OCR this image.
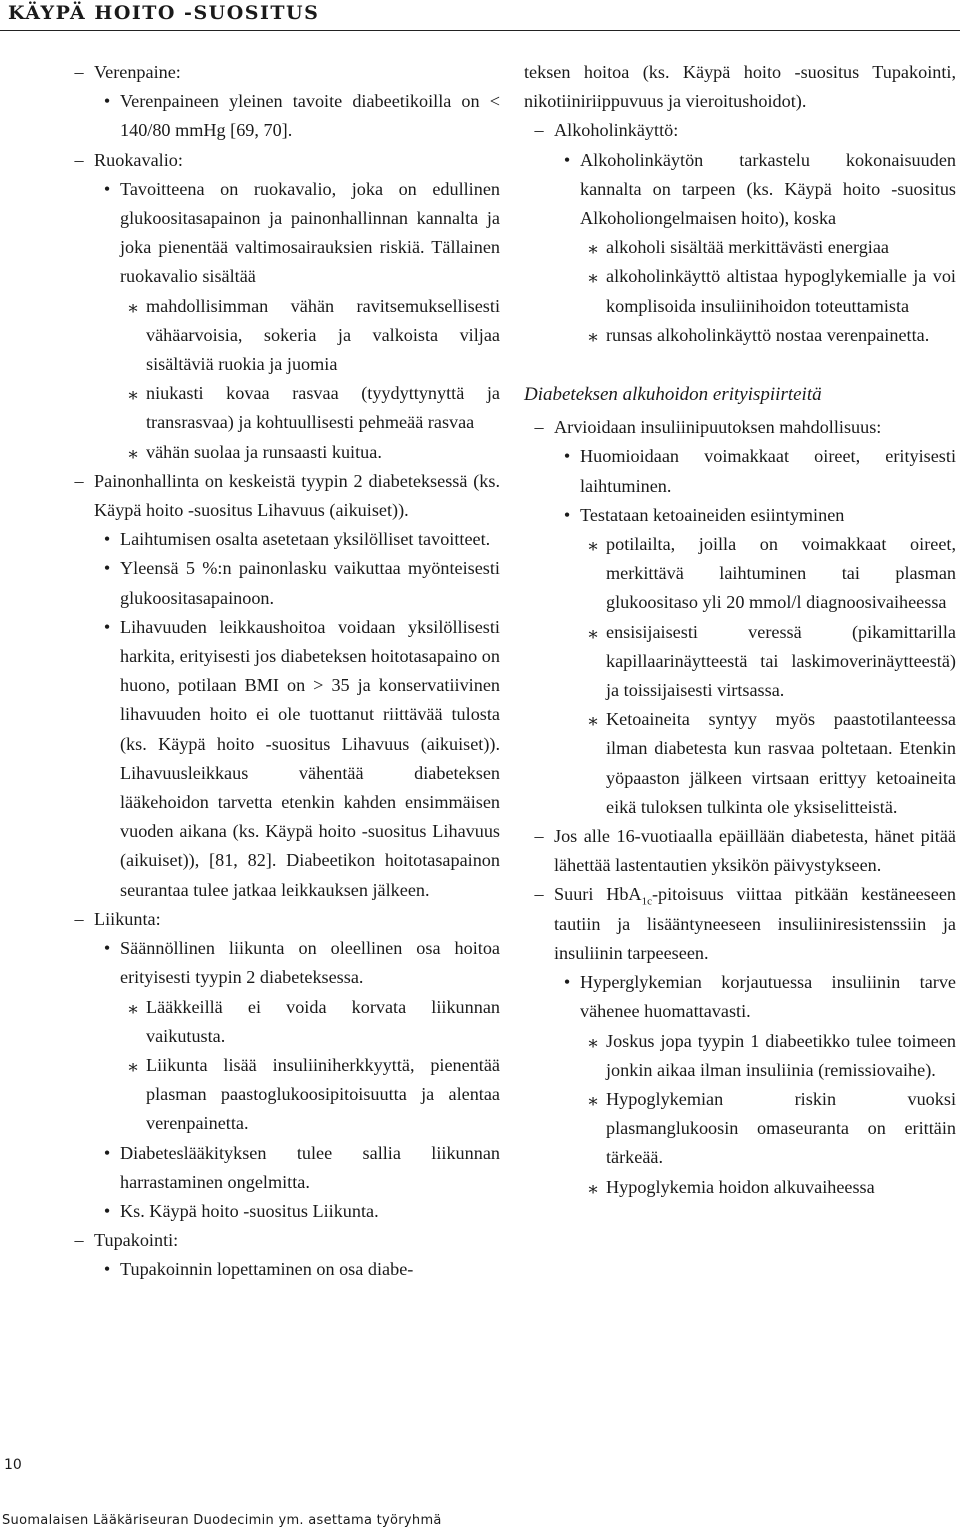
KÄYPÄ HOITO -SUOSITUS
– Verenpaine:
• Verenpaineen yleinen tavoite diabeetikoilla on < 140/80 mmHg [69, 70].
– Ruokavalio:
• Tavoitteena on ruokavalio, joka on edullinen glukoositasapainon ja painonhallinnan kannalta ja joka pienentää valtimosairauksien riskiä. Tällainen ruokavalio sisältää
⁎ mahdollisimman vähän ravitsemuksellisesti vähäarvoisia, sokeria ja valkoista viljaa sisältäviä ruokia ja juomia
⁎ niukasti kovaa rasvaa (tyydyttynyttä ja transrasvaa) ja kohtuullisesti pehmeää rasvaa
⁎ vähän suolaa ja runsaasti kuitua.
– Painonhallinta on keskeistä tyypin 2 diabeteksessä (ks. Käypä hoito -suositus Lihavuus (aikuiset)).
• Laihtumisen osalta asetetaan yksilölliset tavoitteet.
• Yleensä 5 %:n painonlasku vaikuttaa myönteisesti glukoositasapainoon.
• Lihavuuden leikkaushoitoa voidaan yksilöllisesti harkita, erityisesti jos diabeteksen hoitotasapaino on huono, potilaan BMI on > 35 ja konservatiivinen lihavuuden hoito ei ole tuottanut riittävää tulosta (ks. Käypä hoito -suositus Lihavuus (aikuiset)). Lihavuusleikkaus vähentää diabeteksen lääkehoidon tarvetta etenkin kahden ensimmäisen vuoden aikana (ks. Käypä hoito -suositus Lihavuus (aikuiset)), [81, 82]. Diabeetikon hoitotasapainon seurantaa tulee jatkaa leikkauksen jälkeen.
– Liikunta:
• Säännöllinen liikunta on oleellinen osa hoitoa erityisesti tyypin 2 diabeteksessa.
⁎ Lääkkeillä ei voida korvata liikunnan vaikutusta.
⁎ Liikunta lisää insuliiniherkkyyttä, pienentää plasman paastoglukoosipitoisuutta ja alentaa verenpainetta.
• Diabeteslääkityksen tulee sallia liikunnan harrastaminen ongelmitta.
• Ks. Käypä hoito -suositus Liikunta.
– Tupakointi:
• Tupakoinnin lopettaminen on osa diabe-
teksen hoitoa (ks. Käypä hoito -suositus Tupakointi, nikotiiniriippuvuus ja vieroitushoidot).
– Alkoholinkäyttö:
• Alkoholinkäytön tarkastelu kokonaisuuden kannalta on tarpeen (ks. Käypä hoito -suositus Alkoholiongelmaisen hoito), koska
⁎ alkoholi sisältää merkittävästi energiaa
⁎ alkoholinkäyttö altistaa hypoglykemialle ja voi komplisoida insuliinihoidon toteuttamista
⁎ runsas alkoholinkäyttö nostaa verenpainetta.
Diabeteksen alkuhoidon erityispiirteitä
– Arvioidaan insuliinipuutoksen mahdollisuus:
• Huomioidaan voimakkaat oireet, erityisesti laihtuminen.
• Testataan ketoaineiden esiintyminen
⁎ potilailta, joilla on voimakkaat oireet, merkittävä laihtuminen tai plasman glukoositaso yli 20 mmol/l diagnoosivaiheessa
⁎ ensisijaisesti veressä (pikamittarilla kapillaarinäytteestä tai laskimoverinäytteestä) ja toissijaisesti virtsassa.
⁎ Ketoaineita syntyy myös paastotilanteessa ilman diabetesta kun rasvaa poltetaan. Etenkin yöpaaston jälkeen virtsaan erittyy ketoaineita eikä tuloksen tulkinta ole yksiselitteistä.
– Jos alle 16-vuotiaalla epäillään diabetesta, hänet pitää lähettää lastentautien yksikön päivystykseen.
– Suuri HbA$_{1c}$-pitoisuus viittaa pitkään kestäneeseen tautiin ja lisääntyneeseen insuliiniresistenssiin ja insuliinin tarpeeseen.
• Hyperglykemian korjautuessa insuliinin tarve vähenee huomattavasti.
⁎ Joskus jopa tyypin 1 diabeetikko tulee toimeen jonkin aikaa ilman insuliinia (remissiovaihe).
⁎ Hypoglykemian riskin vuoksi plasmanglukoosin omaseuranta on erittäin tärkeää.
⁎ Hypoglykemia hoidon alkuvaiheessa
10
Suomalaisen Lääkäriseuran Duodecimin ym. asettama työryhmä
